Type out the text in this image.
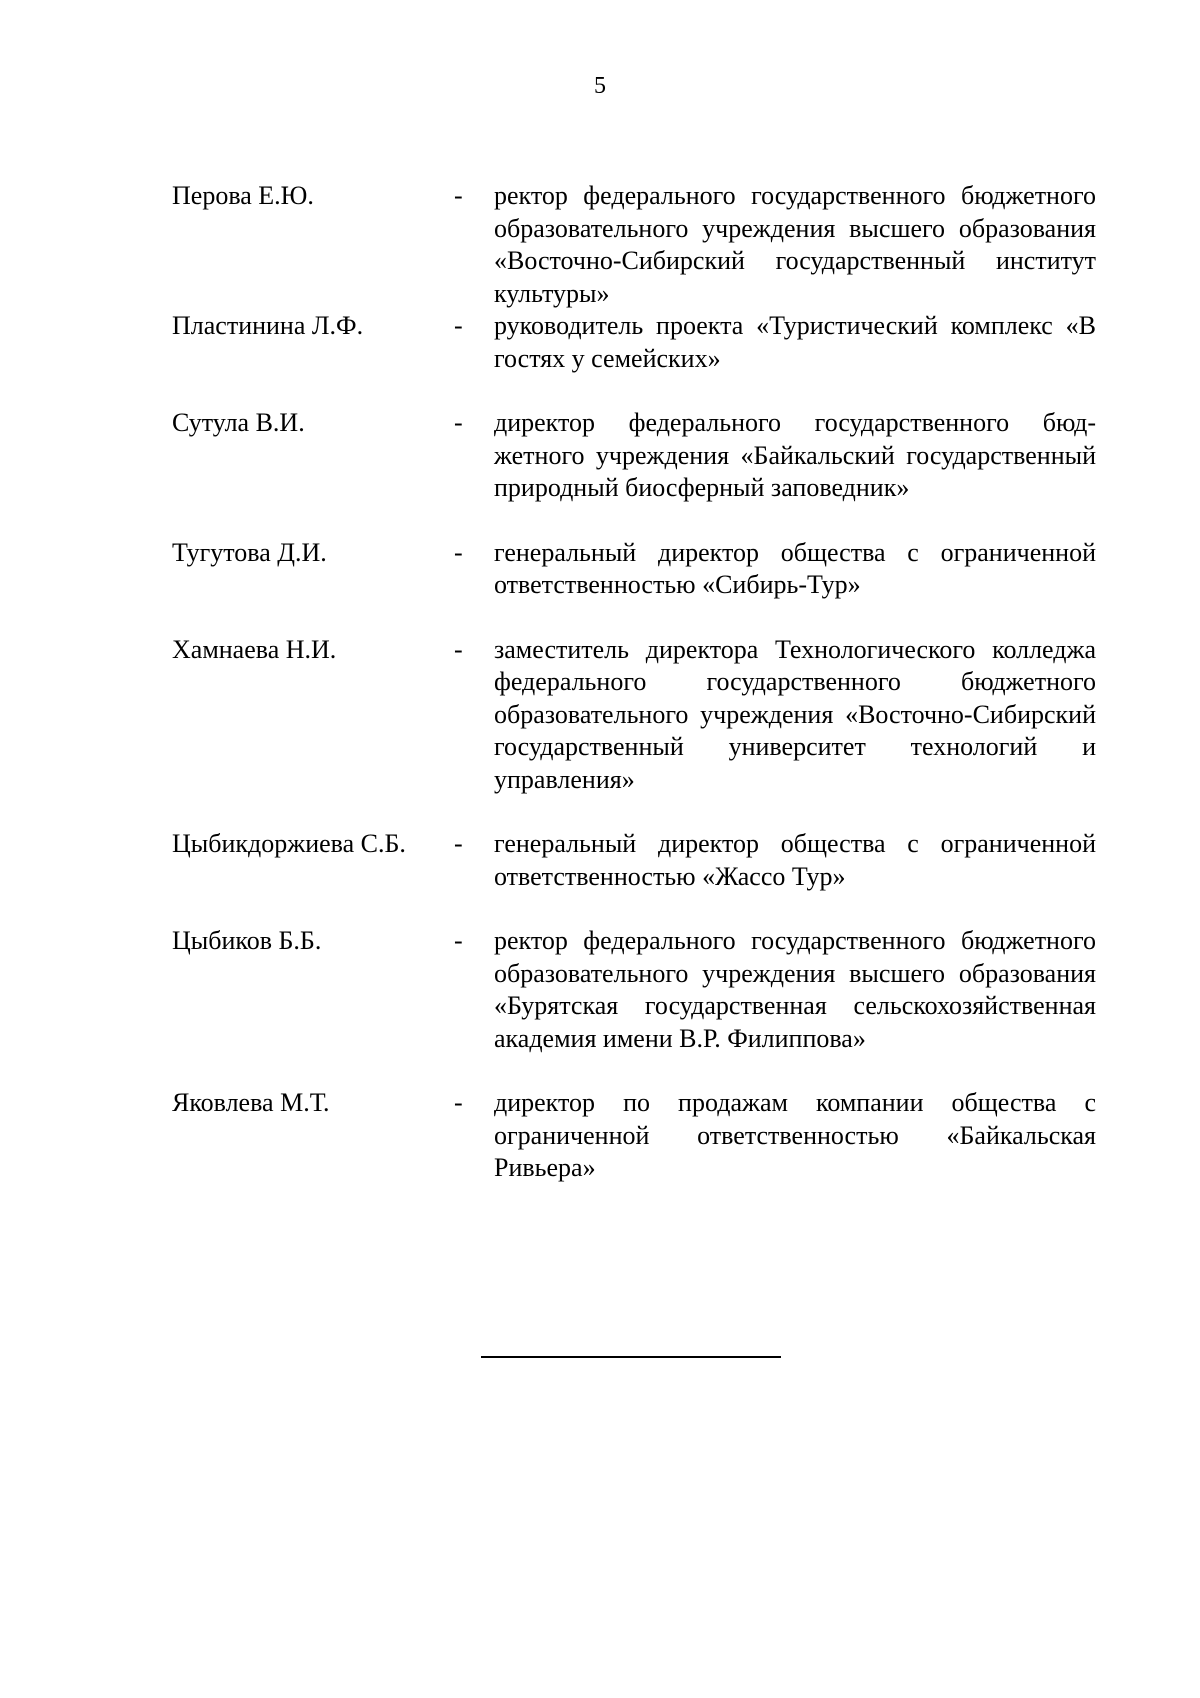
5
Перова Е.Ю.	-	ректор федерального государственного бюджетного образовательного учреждения высшего образования «Восточно-Сибирский государственный институт культуры»
Пластинина Л.Ф.	-	руководитель проекта «Туристический комплекс «В гостях у семейских»
Сутула В.И.	-	директор федерального государственного бюджетного учреждения «Байкальский государственный природный биосферный заповедник»
Тугутова Д.И.	-	генеральный директор общества с ограниченной ответственностью «Сибирь-Тур»
Хамнаева Н.И.	-	заместитель директора Технологического колледжа федерального государственного бюджетного образовательного учреждения «Восточно-Сибирский государственный университет технологий и управления»
Цыбикдоржиева С.Б.	-	генеральный директор общества с ограниченной ответственностью «Жассо Тур»
Цыбиков Б.Б.	-	ректор федерального государственного бюджетного образовательного учреждения высшего образования «Бурятская государственная сельскохозяйственная академия имени В.Р. Филиппова»
Яковлева М.Т.	-	директор по продажам компании общества с ограниченной ответственностью «Байкальская Ривьера»
